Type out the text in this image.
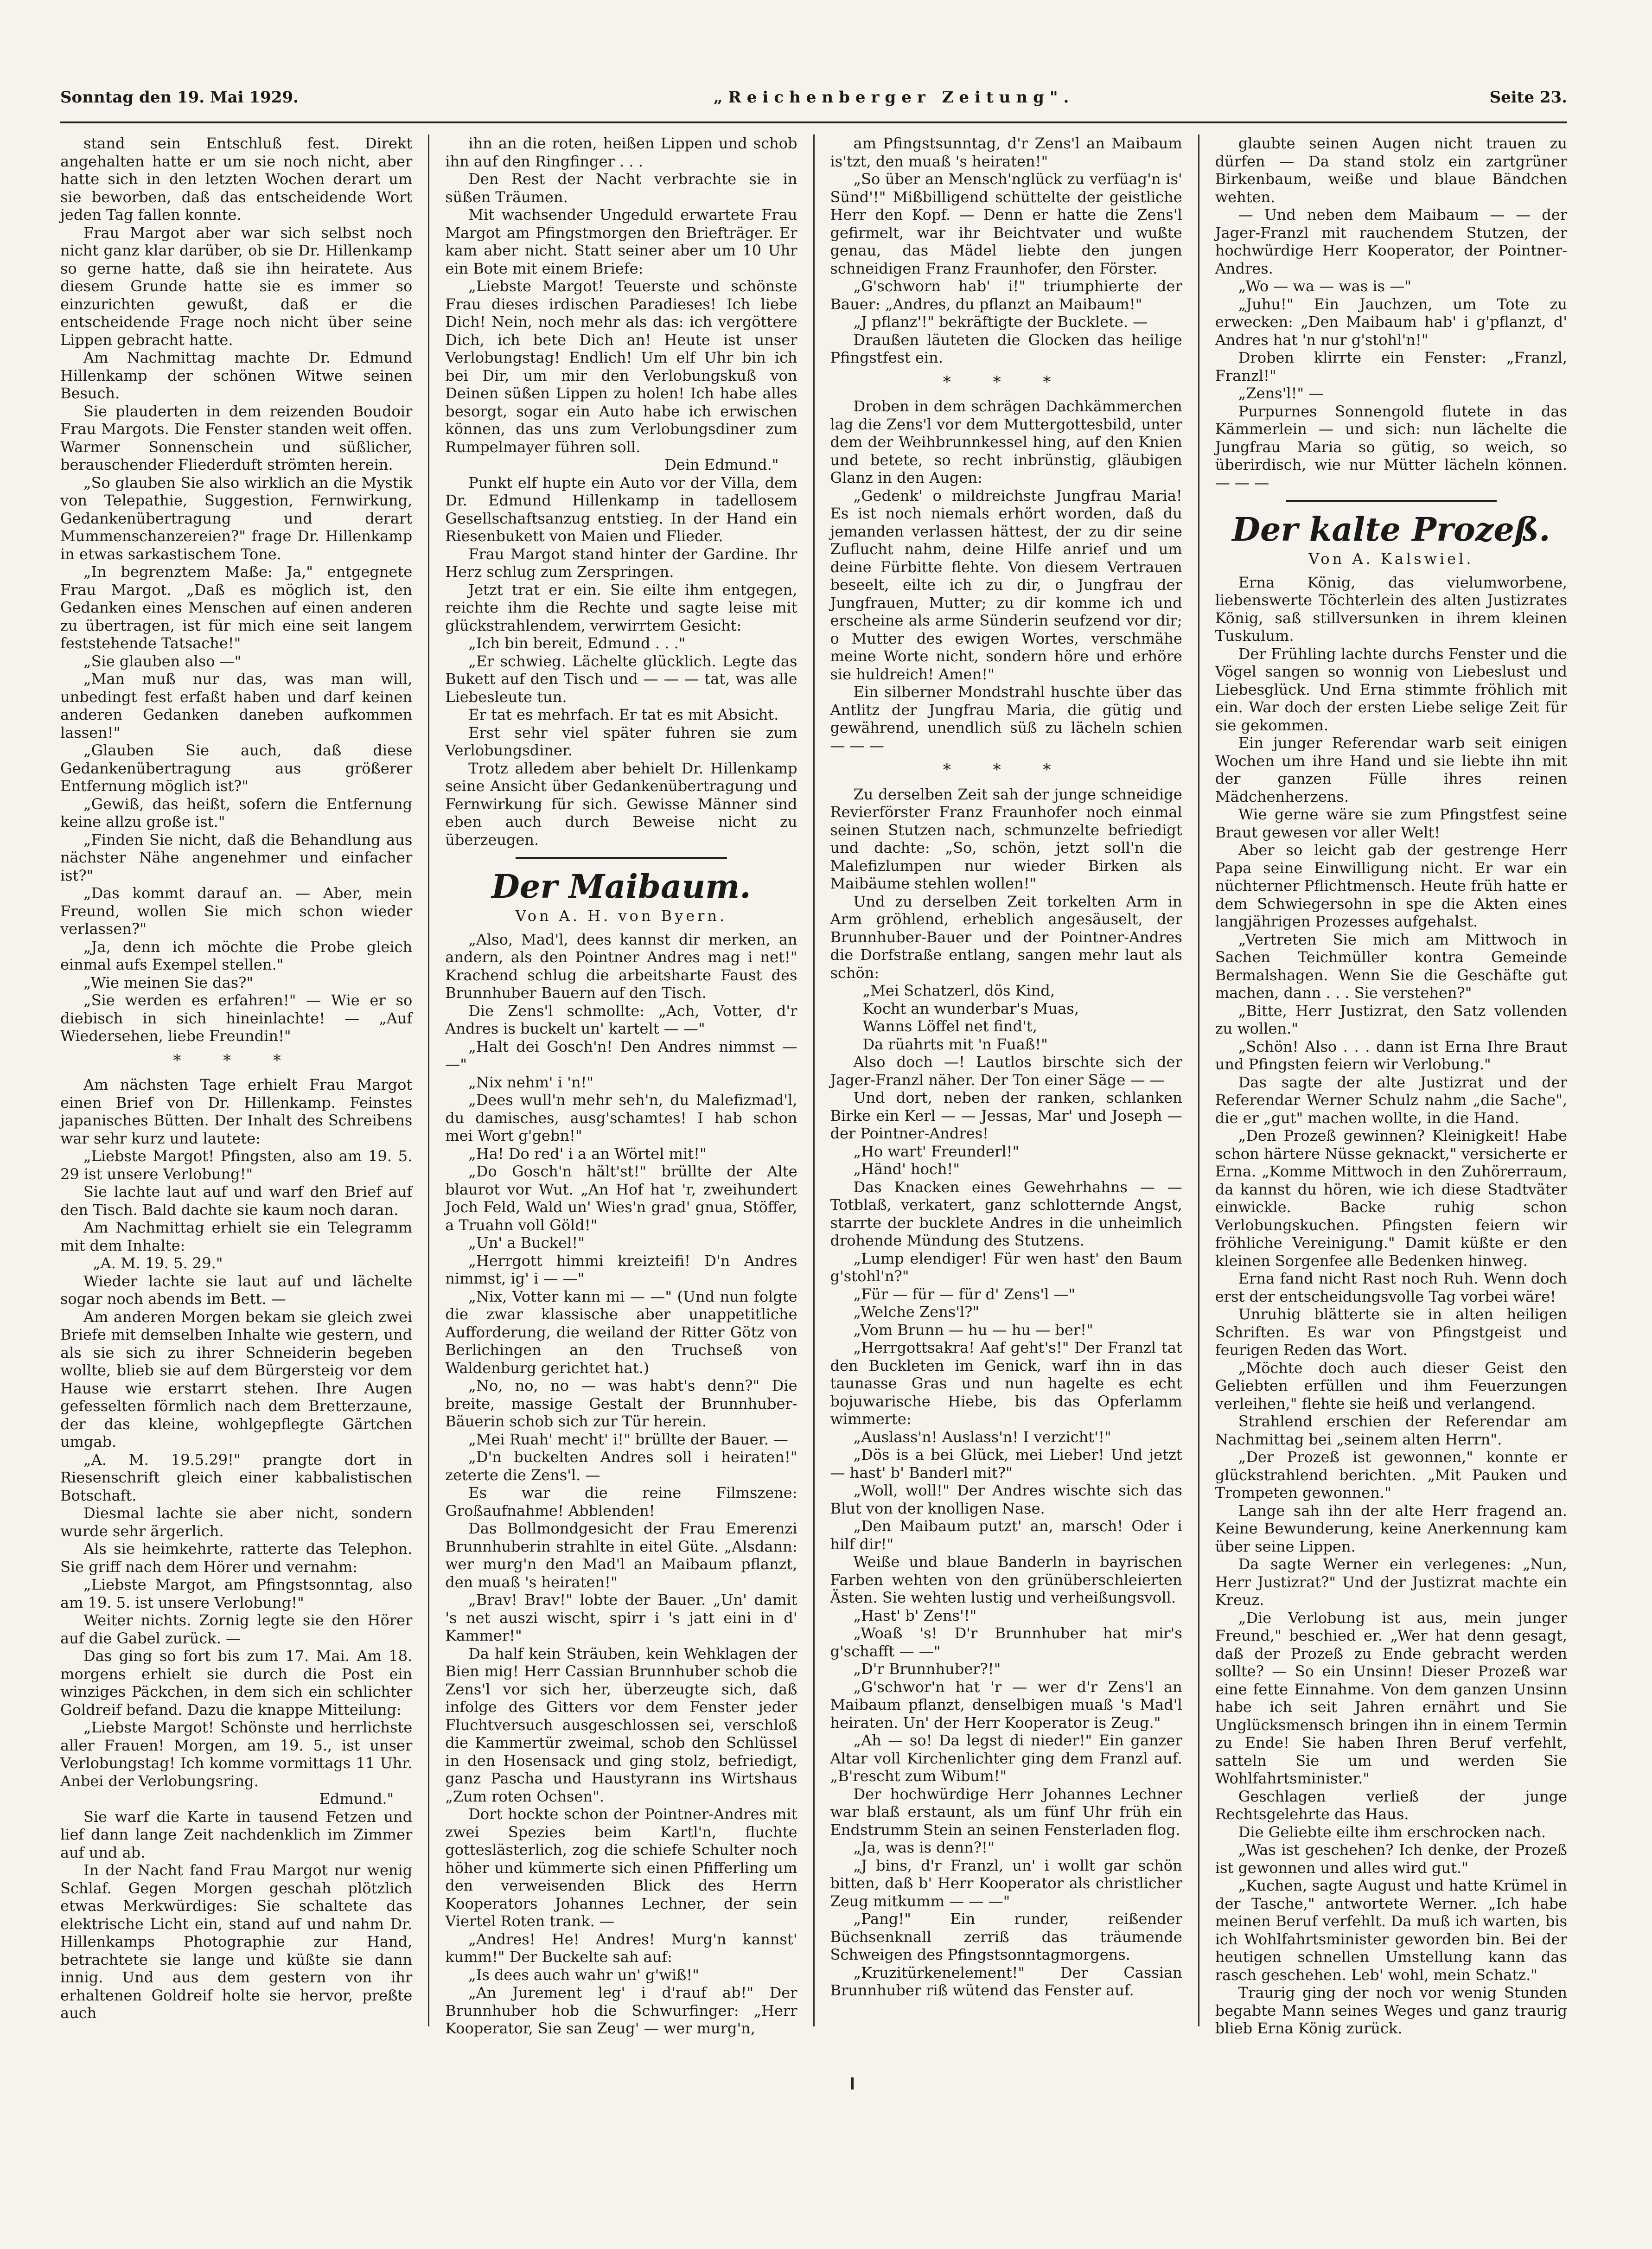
Sonntag den 19. Mai 1929.	„Reichenberger Zeitung".	Seite 23.

stand sein Entschluß fest. Direkt angehalten hatte er um sie noch nicht, aber hatte sich in den letzten Wochen derart um sie beworben, daß das entscheidende Wort jeden Tag fallen konnte.

Frau Margot aber war sich selbst noch nicht ganz klar darüber, ob sie Dr. Hillenkamp so gerne hatte, daß sie ihn heiratete. Aus diesem Grunde hatte sie es immer so einzurichten gewußt, daß er die entscheidende Frage noch nicht über seine Lippen gebracht hatte.

Am Nachmittag machte Dr. Edmund Hillenkamp der schönen Witwe seinen Besuch.

Sie plauderten in dem reizenden Boudoir Frau Margots. Die Fenster standen weit offen. Warmer Sonnenschein und süßlicher, berauschender Fliederduft strömten herein.

„So glauben Sie also wirklich an die Mystik von Telepathie, Suggestion, Fernwirkung, Gedankenübertragung und derart Mummenschanzereien?" frage Dr. Hillenkamp in etwas sarkastischem Tone.

„In begrenztem Maße: Ja," entgegnete Frau Margot. „Daß es möglich ist, den Gedanken eines Menschen auf einen anderen zu übertragen, ist für mich eine seit langem feststehende Tatsache!"

„Sie glauben also —"

„Man muß nur das, was man will, unbedingt fest erfaßt haben und darf keinen anderen Gedanken daneben aufkommen lassen!"

„Glauben Sie auch, daß diese Gedankenübertragung aus größerer Entfernung möglich ist?"

„Gewiß, das heißt, sofern die Entfernung keine allzu große ist."

„Finden Sie nicht, daß die Behandlung aus nächster Nähe angenehmer und einfacher ist?"

„Das kommt darauf an. — Aber, mein Freund, wollen Sie mich schon wieder verlassen?"

„Ja, denn ich möchte die Probe gleich einmal aufs Exempel stellen."

„Wie meinen Sie das?"

„Sie werden es erfahren!" — Wie er so diebisch in sich hineinlachte! — „Auf Wiedersehen, liebe Freundin!"

* * *

Am nächsten Tage erhielt Frau Margot einen Brief von Dr. Hillenkamp. Feinstes japanisches Bütten. Der Inhalt des Schreibens war sehr kurz und lautete:

„Liebste Margot! Pfingsten, also am 19. 5. 29 ist unsere Verlobung!"

Sie lachte laut auf und warf den Brief auf den Tisch. Bald dachte sie kaum noch daran.

Am Nachmittag erhielt sie ein Telegramm mit dem Inhalte:

„A. M. 19. 5. 29."

Wieder lachte sie laut auf und lächelte sogar noch abends im Bett. —

Am anderen Morgen bekam sie gleich zwei Briefe mit demselben Inhalte wie gestern, und als sie sich zu ihrer Schneiderin begeben wollte, blieb sie auf dem Bürgersteig vor dem Hause wie erstarrt stehen. Ihre Augen gefesselten förmlich nach dem Bretterzaune, der das kleine, wohlgepflegte Gärtchen umgab.

„A. M. 19.5.29!" prangte dort in Riesenschrift gleich einer kabbalistischen Botschaft.

Diesmal lachte sie aber nicht, sondern wurde sehr ärgerlich.

Als sie heimkehrte, ratterte das Telephon. Sie griff nach dem Hörer und vernahm:

„Liebste Margot, am Pfingstsonntag, also am 19. 5. ist unsere Verlobung!"

Weiter nichts. Zornig legte sie den Hörer auf die Gabel zurück. —

Das ging so fort bis zum 17. Mai. Am 18. morgens erhielt sie durch die Post ein winziges Päckchen, in dem sich ein schlichter Goldreif befand. Dazu die knappe Mitteilung:

„Liebste Margot! Schönste und herrlichste aller Frauen! Morgen, am 19. 5., ist unser Verlobungstag! Ich komme vormittags 11 Uhr. Anbei der Verlobungsring.

Edmund."

Sie warf die Karte in tausend Fetzen und lief dann lange Zeit nachdenklich im Zimmer auf und ab.

In der Nacht fand Frau Margot nur wenig Schlaf. Gegen Morgen geschah plötzlich etwas Merkwürdiges: Sie schaltete das elektrische Licht ein, stand auf und nahm Dr. Hillenkamps Photographie zur Hand, betrachtete sie lange und küßte sie dann innig. Und aus dem gestern von ihr erhaltenen Goldreif holte sie hervor, preßte auch

ihn an die roten, heißen Lippen und schob ihn auf den Ringfinger . . .

Den Rest der Nacht verbrachte sie in süßen Träumen.

Mit wachsender Ungeduld erwartete Frau Margot am Pfingstmorgen den Briefträger. Er kam aber nicht. Statt seiner aber um 10 Uhr ein Bote mit einem Briefe:

„Liebste Margot! Teuerste und schönste Frau dieses irdischen Paradieses! Ich liebe Dich! Nein, noch mehr als das: ich vergöttere Dich, ich bete Dich an! Heute ist unser Verlobungstag! Endlich! Um elf Uhr bin ich bei Dir, um mir den Verlobungskuß von Deinen süßen Lippen zu holen! Ich habe alles besorgt, sogar ein Auto habe ich erwischen können, das uns zum Verlobungsdiner zum Rumpelmayer führen soll.

Dein Edmund."

Punkt elf hupte ein Auto vor der Villa, dem Dr. Edmund Hillenkamp in tadellosem Gesellschaftsanzug entstieg. In der Hand ein Riesenbukett von Maien und Flieder.

Frau Margot stand hinter der Gardine. Ihr Herz schlug zum Zerspringen.

Jetzt trat er ein. Sie eilte ihm entgegen, reichte ihm die Rechte und sagte leise mit glückstrahlendem, verwirrtem Gesicht:

„Ich bin bereit, Edmund . . ."

„Er schwieg. Lächelte glücklich. Legte das Bukett auf den Tisch und — — — tat, was alle Liebesleute tun.

Er tat es mehrfach. Er tat es mit Absicht.

Erst sehr viel später fuhren sie zum Verlobungsdiner.

Trotz alledem aber behielt Dr. Hillenkamp seine Ansicht über Gedankenübertragung und Fernwirkung für sich. Gewisse Männer sind eben auch durch Beweise nicht zu überzeugen.

Der Maibaum.
Von A. H. von Byern.

„Also, Mad'l, dees kannst dir merken, an andern, als den Pointner Andres mag i net!" Krachend schlug die arbeitsharte Faust des Brunnhuber Bauern auf den Tisch.

Die Zens'l schmollte: „Ach, Votter, d'r Andres is buckelt un' kartelt — —"

„Halt dei Gosch'n! Den Andres nimmst — —"

„Nix nehm' i 'n!"

„Dees wull'n mehr seh'n, du Malefizmad'l, du damisches, ausg'schamtes! I hab schon mei Wort g'gebn!"

„Ha! Do red' i a an Wörtel mit!"

„Do Gosch'n hält'st!" brüllte der Alte blaurot vor Wut. „An Hof hat 'r, zweihundert Joch Feld, Wald un' Wies'n grad' gnua, Stöffer, a Truahn voll Göld!"

„Un' a Buckel!"

„Herrgott himmi kreizteifi! D'n Andres nimmst, ig' i — —"

„Nix, Votter kann mi — —" (Und nun folgte die zwar klassische aber unappetitliche Aufforderung, die weiland der Ritter Götz von Berlichingen an den Truchseß von Waldenburg gerichtet hat.)

„No, no, no — was habt's denn?" Die breite, massige Gestalt der Brunnhuber-Bäuerin schob sich zur Tür herein.

„Mei Ruah' mecht' i!" brüllte der Bauer. —

„D'n buckelten Andres soll i heiraten!" zeterte die Zens'l. —

Es war die reine Filmszene: Großaufnahme! Abblenden!

Das Bollmondgesicht der Frau Emerenzi Brunnhuberin strahlte in eitel Güte. „Alsdann: wer murg'n den Mad'l an Maibaum pflanzt, den muaß 's heiraten!"

„Brav! Brav!" lobte der Bauer. „Un' damit 's net auszi wischt, spirr i 's jatt eini in d' Kammer!"

Da half kein Sträuben, kein Wehklagen der Bien mig! Herr Cassian Brunnhuber schob die Zens'l vor sich her, überzeugte sich, daß infolge des Gitters vor dem Fenster jeder Fluchtversuch ausgeschlossen sei, verschloß die Kammertür zweimal, schob den Schlüssel in den Hosensack und ging stolz, befriedigt, ganz Pascha und Haustyrann ins Wirtshaus „Zum roten Ochsen".

Dort hockte schon der Pointner-Andres mit zwei Spezies beim Kartl'n, fluchte gotteslästerlich, zog die schiefe Schulter noch höher und kümmerte sich einen Pfifferling um den verweisenden Blick des Herrn Kooperators Johannes Lechner, der sein Viertel Roten trank. —

„Andres! He! Andres! Murg'n kannst' kumm!" Der Buckelte sah auf:

„Is dees auch wahr un' g'wiß!"

„An Jurement leg' i d'rauf ab!" Der Brunnhuber hob die Schwurfinger: „Herr Kooperator, Sie san Zeug' — wer murg'n,

am Pfingstsunntag, d'r Zens'l an Maibaum is'tzt, den muaß 's heiraten!"

„So über an Mensch'nglück zu verfüag'n is' Sünd'!" Mißbilligend schüttelte der geistliche Herr den Kopf. — Denn er hatte die Zens'l gefirmelt, war ihr Beichtvater und wußte genau, das Mädel liebte den jungen schneidigen Franz Fraunhofer, den Förster.

„G'schworn hab' i!" triumphierte der Bauer: „Andres, du pflanzt an Maibaum!"

„J pflanz'!" bekräftigte der Bucklete. —

Draußen läuteten die Glocken das heilige Pfingstfest ein.

* * *

Droben in dem schrägen Dachkämmerchen lag die Zens'l vor dem Muttergottesbild, unter dem der Weihbrunnkessel hing, auf den Knien und betete, so recht inbrünstig, gläubigen Glanz in den Augen:

„Gedenk' o mildreichste Jungfrau Maria! Es ist noch niemals erhört worden, daß du jemanden verlassen hättest, der zu dir seine Zuflucht nahm, deine Hilfe anrief und um deine Fürbitte flehte. Von diesem Vertrauen beseelt, eilte ich zu dir, o Jungfrau der Jungfrauen, Mutter; zu dir komme ich und erscheine als arme Sünderin seufzend vor dir; o Mutter des ewigen Wortes, verschmähe meine Worte nicht, sondern höre und erhöre sie huldreich! Amen!"

Ein silberner Mondstrahl huschte über das Antlitz der Jungfrau Maria, die gütig und gewährend, unendlich süß zu lächeln schien — — —

* * *

Zu derselben Zeit sah der junge schneidige Revierförster Franz Fraunhofer noch einmal seinen Stutzen nach, schmunzelte befriedigt und dachte: „So, schön, jetzt soll'n die Malefizlumpen nur wieder Birken als Maibäume stehlen wollen!"

Und zu derselben Zeit torkelten Arm in Arm gröhlend, erheblich angesäuselt, der Brunnhuber-Bauer und der Pointner-Andres die Dorfstraße entlang, sangen mehr laut als schön:

„Mei Schatzerl, dös Kind,
Kocht an wunderbar's Muas,
Wanns Löffel net find't,
Da rüahrts mit 'n Fuaß!"

Also doch —! Lautlos birschte sich der Jager-Franzl näher. Der Ton einer Säge — —

Und dort, neben der ranken, schlanken Birke ein Kerl — — Jessas, Mar' und Joseph — der Pointner-Andres!

„Ho wart' Freunderl!"

„Händ' hoch!"

Das Knacken eines Gewehrhahns — — Totblaß, verkatert, ganz schlotternde Angst, starrte der bucklete Andres in die unheimlich drohende Mündung des Stutzens.

„Lump elendiger! Für wen hast' den Baum g'stohl'n?"

„Für — für — für d' Zens'l —"

„Welche Zens'l?"

„Vom Brunn — hu — hu — ber!"

„Herrgottsakra! Aaf geht's!" Der Franzl tat den Buckleten im Genick, warf ihn in das taunasse Gras und nun hagelte es echt bojuwarische Hiebe, bis das Opferlamm wimmerte:

„Auslass'n! Auslass'n! I verzicht'!"

„Dös is a bei Glück, mei Lieber! Und jetzt — hast' b' Banderl mit?"

„Woll, woll!" Der Andres wischte sich das Blut von der knolligen Nase.

„Den Maibaum putzt' an, marsch! Oder i hilf dir!"

Weiße und blaue Banderln in bayrischen Farben wehten von den grünüberschleierten Ästen. Sie wehten lustig und verheißungsvoll.

„Hast' b' Zens'!"

„Woaß 's! D'r Brunnhuber hat mir's g'schafft — —"

„D'r Brunnhuber?!"

„G'schwor'n hat 'r — wer d'r Zens'l an Maibaum pflanzt, denselbigen muaß 's Mad'l heiraten. Un' der Herr Kooperator is Zeug."

„Ah — so! Da legst di nieder!" Ein ganzer Altar voll Kirchenlichter ging dem Franzl auf. „B'rescht zum Wibum!"

Der hochwürdige Herr Johannes Lechner war blaß erstaunt, als um fünf Uhr früh ein Endstrumm Stein an seinen Fensterladen flog.

„Ja, was is denn?!"

„J bins, d'r Franzl, un' i wollt gar schön bitten, daß b' Herr Kooperator als christlicher Zeug mitkumm — — —"

„Pang!" Ein runder, reißender Büchsenknall zerriß das träumende Schweigen des Pfingstsonntagmorgens.

„Kruzitürkenelement!" Der Cassian Brunnhuber riß wütend das Fenster auf.

glaubte seinen Augen nicht trauen zu dürfen — Da stand stolz ein zartgrüner Birkenbaum, weiße und blaue Bändchen wehten.

— Und neben dem Maibaum — — der Jager-Franzl mit rauchendem Stutzen, der hochwürdige Herr Kooperator, der Pointner-Andres.

„Wo — wa — was is —"

„Juhu!" Ein Jauchzen, um Tote zu erwecken: „Den Maibaum hab' i g'pflanzt, d' Andres hat 'n nur g'stohl'n!"

Droben klirrte ein Fenster: „Franzl, Franzl!"

„Zens'l!" —

Purpurnes Sonnengold flutete in das Kämmerlein — und sich: nun lächelte die Jungfrau Maria so gütig, so weich, so überirdisch, wie nur Mütter lächeln können. — — —

Der kalte Prozeß.
Von A. Kalswiel.

Erna König, das vielumworbene, liebenswerte Töchterlein des alten Justizrates König, saß stillversunken in ihrem kleinen Tuskulum.

Der Frühling lachte durchs Fenster und die Vögel sangen so wonnig von Liebeslust und Liebesglück. Und Erna stimmte fröhlich mit ein. War doch der ersten Liebe selige Zeit für sie gekommen.

Ein junger Referendar warb seit einigen Wochen um ihre Hand und sie liebte ihn mit der ganzen Fülle ihres reinen Mädchenherzens.

Wie gerne wäre sie zum Pfingstfest seine Braut gewesen vor aller Welt!

Aber so leicht gab der gestrenge Herr Papa seine Einwilligung nicht. Er war ein nüchterner Pflichtmensch. Heute früh hatte er dem Schwiegersohn in spe die Akten eines langjährigen Prozesses aufgehalst.

„Vertreten Sie mich am Mittwoch in Sachen Teichmüller kontra Gemeinde Bermalshagen. Wenn Sie die Geschäfte gut machen, dann . . . Sie verstehen?"

„Bitte, Herr Justizrat, den Satz vollenden zu wollen."

„Schön! Also . . . dann ist Erna Ihre Braut und Pfingsten feiern wir Verlobung."

Das sagte der alte Justizrat und der Referendar Werner Schulz nahm „die Sache", die er „gut" machen wollte, in die Hand.

„Den Prozeß gewinnen? Kleinigkeit! Habe schon härtere Nüsse geknackt," versicherte er Erna. „Komme Mittwoch in den Zuhörerraum, da kannst du hören, wie ich diese Stadtväter einwickle. Backe ruhig schon Verlobungskuchen. Pfingsten feiern wir fröhliche Vereinigung." Damit küßte er den kleinen Sorgenfee alle Bedenken hinweg.

Erna fand nicht Rast noch Ruh. Wenn doch erst der entscheidungsvolle Tag vorbei wäre!

Unruhig blätterte sie in alten heiligen Schriften. Es war von Pfingstgeist und feurigen Reden das Wort.

„Möchte doch auch dieser Geist den Geliebten erfüllen und ihm Feuerzungen verleihen," flehte sie heiß und verlangend.

Strahlend erschien der Referendar am Nachmittag bei „seinem alten Herrn".

„Der Prozeß ist gewonnen," konnte er glückstrahlend berichten. „Mit Pauken und Trompeten gewonnen."

Lange sah ihn der alte Herr fragend an. Keine Bewunderung, keine Anerkennung kam über seine Lippen.

Da sagte Werner ein verlegenes: „Nun, Herr Justizrat?" Und der Justizrat machte ein Kreuz.

„Die Verlobung ist aus, mein junger Freund," beschied er. „Wer hat denn gesagt, daß der Prozeß zu Ende gebracht werden sollte? — So ein Unsinn! Dieser Prozeß war eine fette Einnahme. Von dem ganzen Unsinn habe ich seit Jahren ernährt und Sie Unglücksmensch bringen ihn in einem Termin zu Ende! Sie haben Ihren Beruf verfehlt, satteln Sie um und werden Sie Wohlfahrtsminister."

Geschlagen verließ der junge Rechtsgelehrte das Haus.

Die Geliebte eilte ihm erschrocken nach.

„Was ist geschehen? Ich denke, der Prozeß ist gewonnen und alles wird gut."

„Kuchen, sagte August und hatte Krümel in der Tasche," antwortete Werner. „Ich habe meinen Beruf verfehlt. Da muß ich warten, bis ich Wohlfahrtsminister geworden bin. Bei der heutigen schnellen Umstellung kann das rasch geschehen. Leb' wohl, mein Schatz."

Traurig ging der noch vor wenig Stunden begabte Mann seines Weges und ganz traurig blieb Erna König zurück.
